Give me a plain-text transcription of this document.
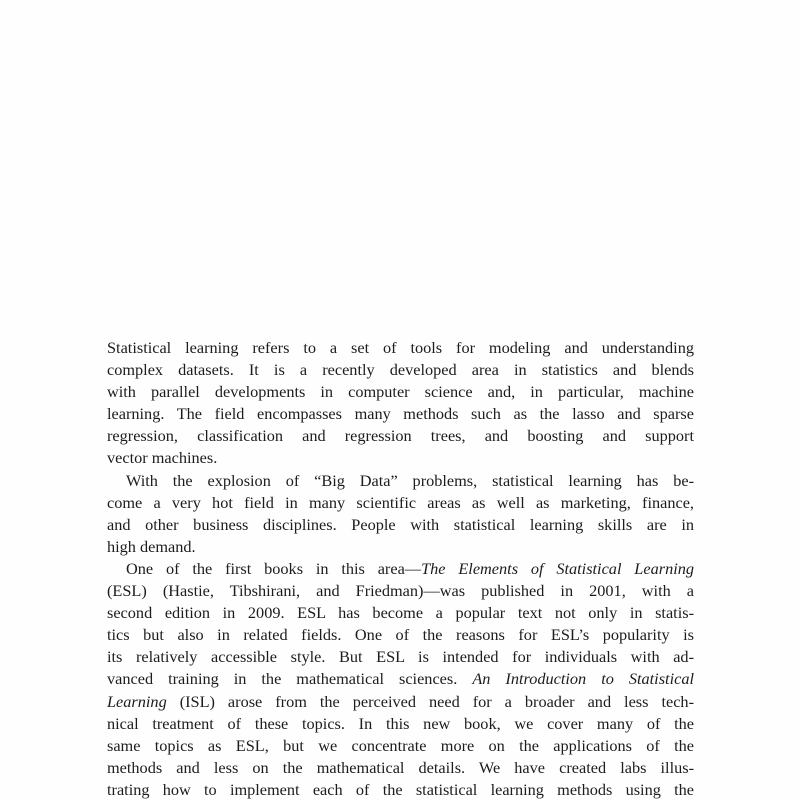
Statistical learning refers to a set of tools for modeling and understanding
complex datasets. It is a recently developed area in statistics and blends
with parallel developments in computer science and, in particular, machine
learning. The field encompasses many methods such as the lasso and sparse
regression, classification and regression trees, and boosting and support
vector machines.
With the explosion of “Big Data” problems, statistical learning has be-
come a very hot field in many scientific areas as well as marketing, finance,
and other business disciplines. People with statistical learning skills are in
high demand.
One of the first books in this area—The Elements of Statistical Learning
(ESL) (Hastie, Tibshirani, and Friedman)—was published in 2001, with a
second edition in 2009. ESL has become a popular text not only in statis-
tics but also in related fields. One of the reasons for ESL’s popularity is
its relatively accessible style. But ESL is intended for individuals with ad-
vanced training in the mathematical sciences. An Introduction to Statistical
Learning (ISL) arose from the perceived need for a broader and less tech-
nical treatment of these topics. In this new book, we cover many of the
same topics as ESL, but we concentrate more on the applications of the
methods and less on the mathematical details. We have created labs illus-
trating how to implement each of the statistical learning methods using the
